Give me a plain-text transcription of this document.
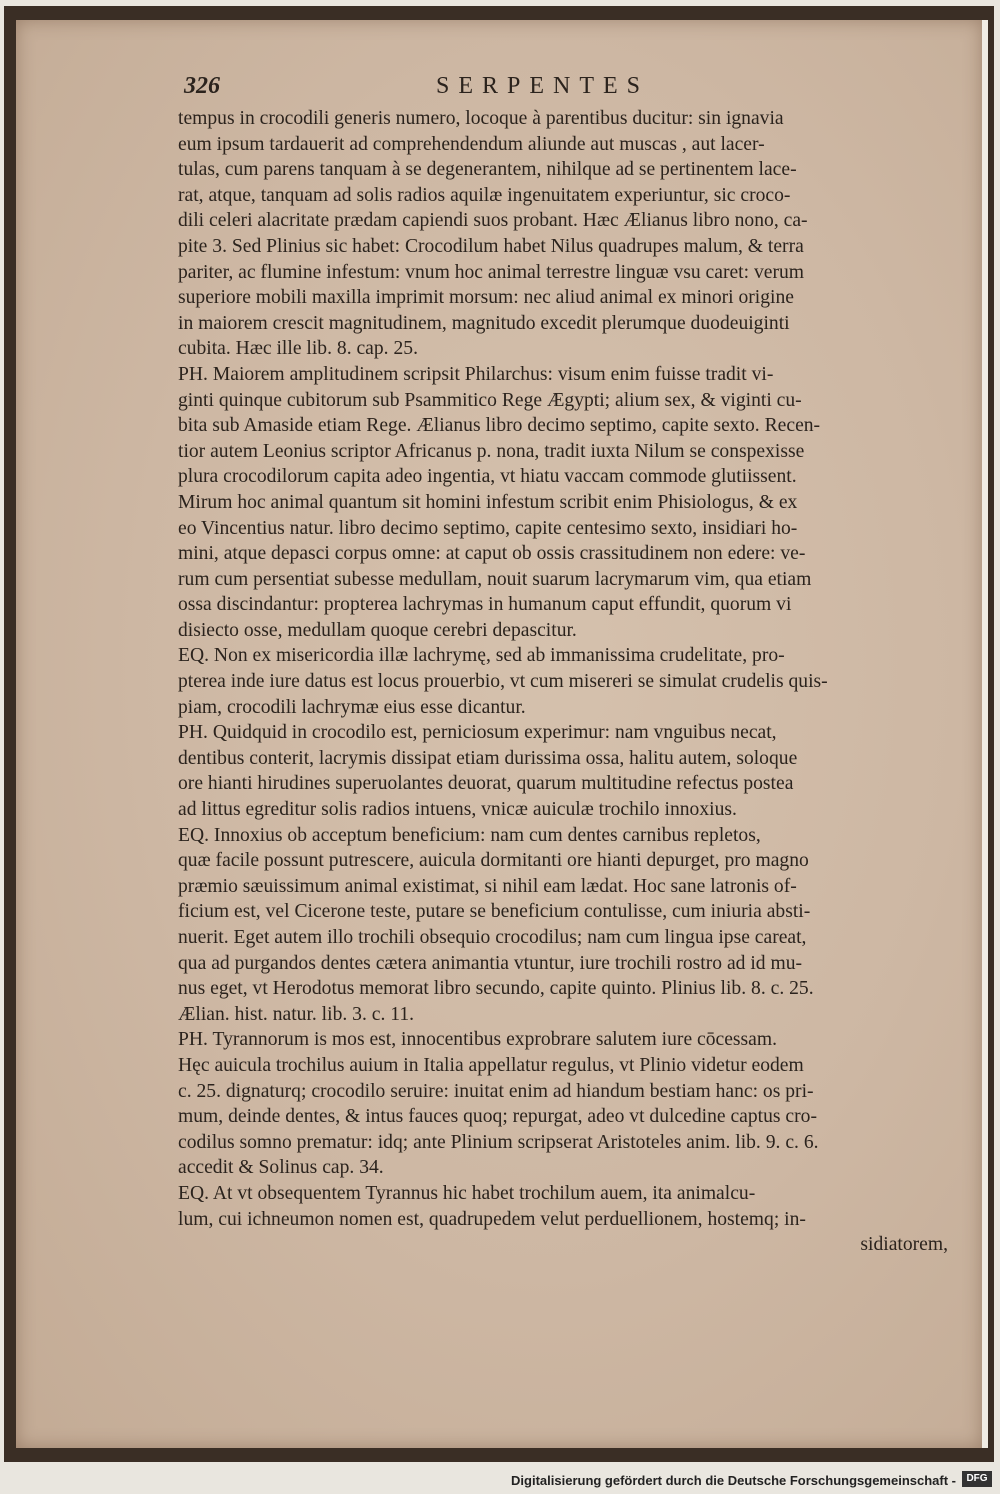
326	SERPENTES
tempus in crocodili generis numero, locoque à parentibus ducitur: sin ignavia
eum ipsum tardauerit ad comprehendendum aliunde aut muscas , aut lacer-
tulas, cum parens tanquam à se degenerantem, nihilque ad se pertinentem lace-
rat, atque, tanquam ad solis radios aquilæ ingenuitatem experiuntur, sic croco-
dili celeri alacritate prædam capiendi suos probant. Hæc Ælianus libro nono, ca-
pite 3. Sed Plinius sic habet: Crocodilum habet Nilus quadrupes malum, & terra
pariter, ac flumine infestum: vnum hoc animal terrestre linguæ vsu caret: verum
superiore mobili maxilla imprimit morsum: nec aliud animal ex minori origine
in maiorem crescit magnitudinem, magnitudo excedit plerumque duodeuiginti
cubita. Hæc ille lib. 8. cap. 25.
PH. Maiorem amplitudinem scripsit Philarchus: visum enim fuisse tradit vi-
ginti quinque cubitorum sub Psammitico Rege Ægypti; alium sex, & viginti cu-
bita sub Amaside etiam Rege. Ælianus libro decimo septimo, capite sexto. Recen-
tior autem Leonius scriptor Africanus p. nona, tradit iuxta Nilum se conspexisse
plura crocodilorum capita adeo ingentia, vt hiatu vaccam commode glutiissent.
Mirum hoc animal quantum sit homini infestum scribit enim Phisiologus, & ex
eo Vincentius natur. libro decimo septimo, capite centesimo sexto, insidiari ho-
mini, atque depasci corpus omne: at caput ob ossis crassitudinem non edere: ve-
rum cum persentiat subesse medullam, nouit suarum lacrymarum vim, qua etiam
ossa discindantur: propterea lachrymas in humanum caput effundit, quorum vi
disiecto osse, medullam quoque cerebri depascitur.
EQ. Non ex misericordia illæ lachrymę, sed ab immanissima crudelitate, pro-
pterea inde iure datus est locus prouerbio, vt cum misereri se simulat crudelis quis-
piam, crocodili lachrymæ eius esse dicantur.
PH. Quidquid in crocodilo est, perniciosum experimur: nam vnguibus necat,
dentibus conterit, lacrymis dissipat etiam durissima ossa, halitu autem, soloque
ore hianti hirudines superuolantes deuorat, quarum multitudine refectus postea
ad littus egreditur solis radios intuens, vnicæ auiculæ trochilo innoxius.
EQ. Innoxius ob acceptum beneficium: nam cum dentes carnibus repletos,
quæ facile possunt putrescere, auicula dormitanti ore hianti depurget, pro magno
præmio sæuissimum animal existimat, si nihil eam lædat. Hoc sane latronis of-
ficium est, vel Cicerone teste, putare se beneficium contulisse, cum iniuria absti-
nuerit. Eget autem illo trochili obsequio crocodilus; nam cum lingua ipse careat,
qua ad purgandos dentes cætera animantia vtuntur, iure trochili rostro ad id mu-
nus eget, vt Herodotus memorat libro secundo, capite quinto. Plinius lib. 8. c. 25.
Ælian. hist. natur. lib. 3. c. 11.
PH. Tyrannorum is mos est, innocentibus exprobrare salutem iure cōcessam.
Hęc auicula trochilus auium in Italia appellatur regulus, vt Plinio videtur eodem
c. 25. dignaturq; crocodilo seruire: inuitat enim ad hiandum bestiam hanc: os pri-
mum, deinde dentes, & intus fauces quoq; repurgat, adeo vt dulcedine captus cro-
codilus somno prematur: idq; ante Plinium scripserat Aristoteles anim. lib. 9. c. 6.
accedit & Solinus cap. 34.
EQ. At vt obsequentem Tyrannus hic habet trochilum auem, ita animalcu-
lum, cui ichneumon nomen est, quadrupedem velut perduellionem, hostemq; in-
sidiatorem,
Digitalisierung gefördert durch die Deutsche Forschungsgemeinschaft -	DFG
